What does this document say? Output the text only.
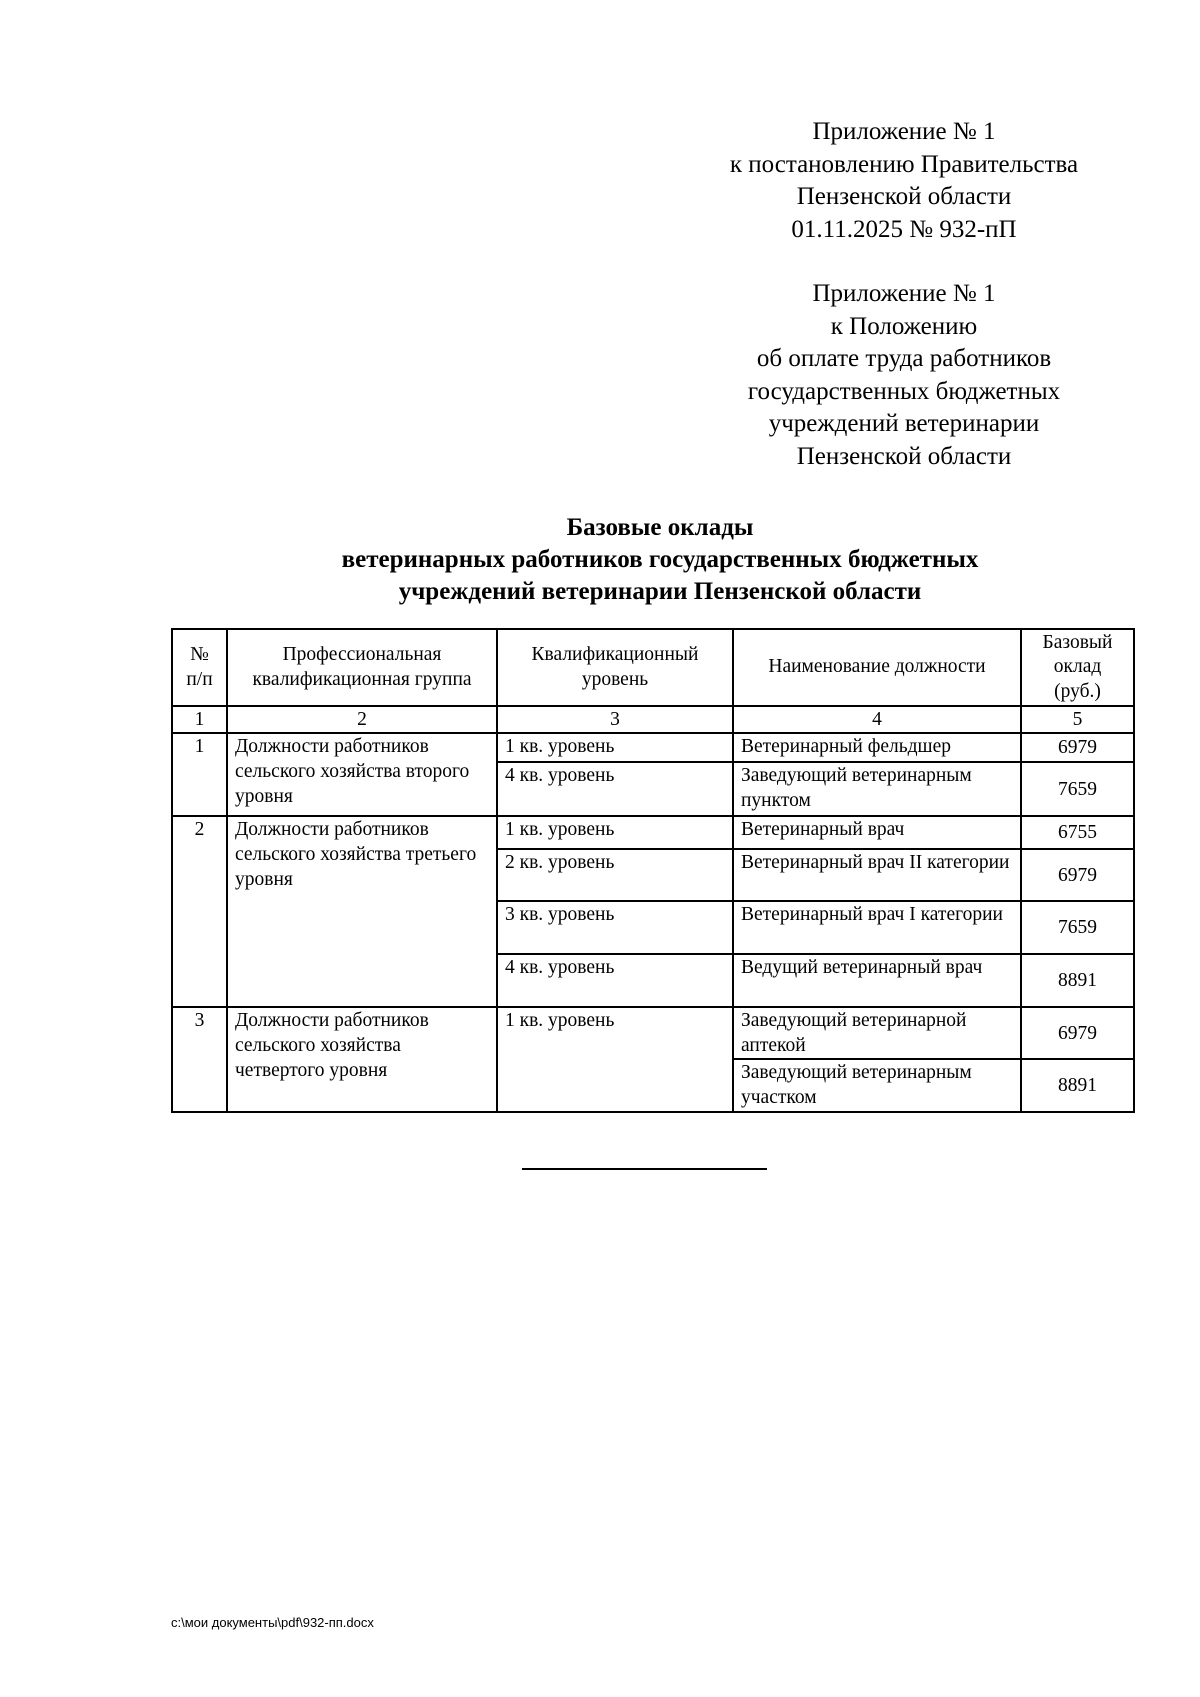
Приложение № 1
к постановлению Правительства
Пензенской области
01.11.2025 № 932-пП
Приложение № 1
к Положению
об оплате труда работников
государственных бюджетных
учреждений ветеринарии
Пензенской области
Базовые оклады
ветеринарных работников государственных бюджетных
учреждений ветеринарии Пензенской области
№ п/п	Профессиональная квалификационная группа	Квалификационный уровень	Наименование должности	Базовый оклад (руб.)
1	2	3	4	5
1	Должности работников сельского хозяйства второго уровня	1 кв. уровень	Ветеринарный фельдшер	6979
		4 кв. уровень	Заведующий ветеринарным пунктом	7659
2	Должности работников сельского хозяйства третьего уровня	1 кв. уровень	Ветеринарный врач	6755
		2 кв. уровень	Ветеринарный врач II категории	6979
		3 кв. уровень	Ветеринарный врач I категории	7659
		4 кв. уровень	Ведущий ветеринарный врач	8891
3	Должности работников сельского хозяйства четвертого уровня	1 кв. уровень	Заведующий ветеринарной аптекой	6979
			Заведующий ветеринарным участком	8891
c:\мои документы\pdf\932-пп.docx
